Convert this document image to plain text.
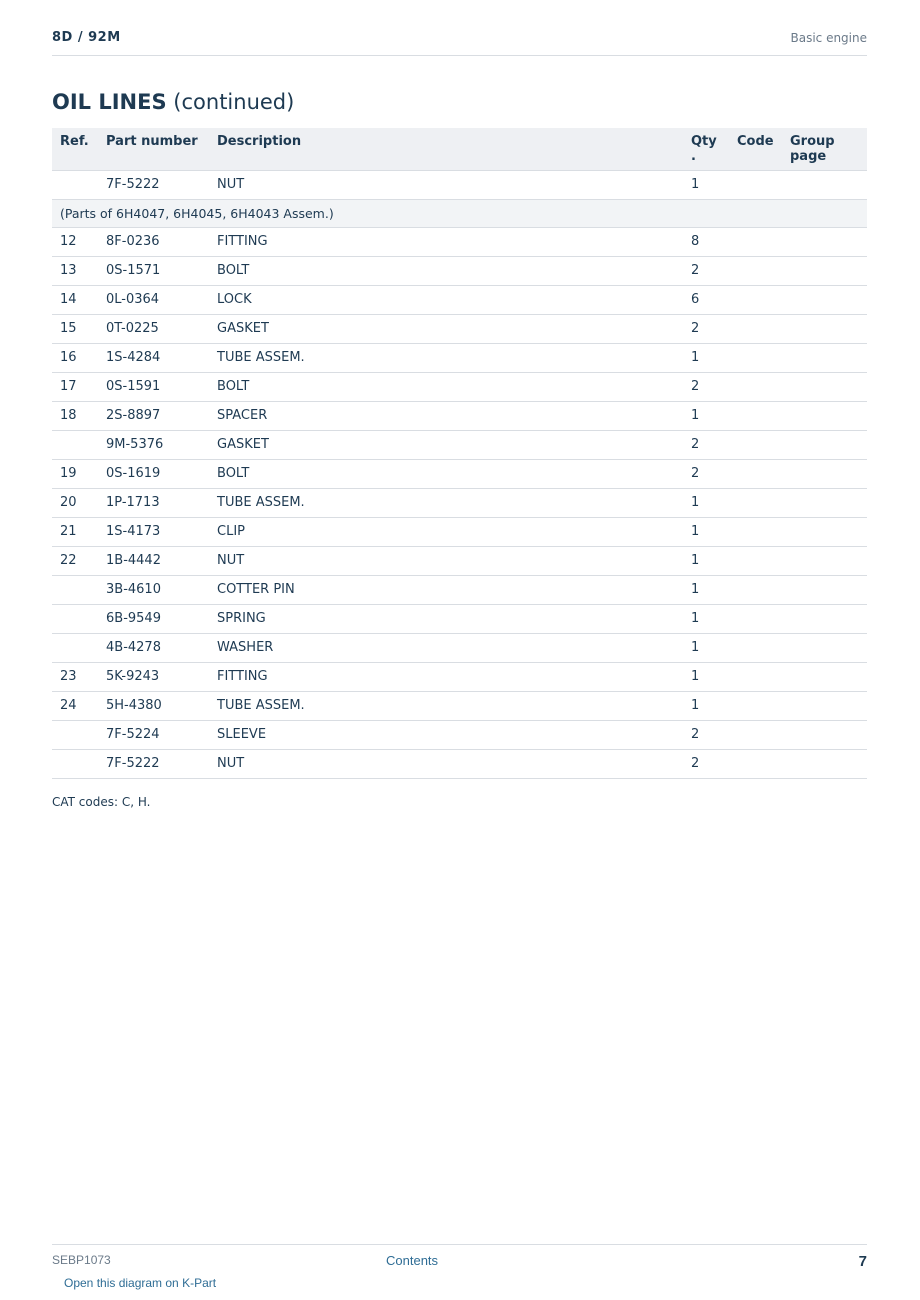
8D / 92M	Basic engine
OIL LINES (continued)
Ref.	Part number	Description	Qty .	Code	Group page
	7F-5222	NUT	1		
(Parts of 6H4047, 6H4045, 6H4043 Assem.)					
12	8F-0236	FITTING	8		
13	0S-1571	BOLT	2		
14	0L-0364	LOCK	6		
15	0T-0225	GASKET	2		
16	1S-4284	TUBE ASSEM.	1		
17	0S-1591	BOLT	2		
18	2S-8897	SPACER	1		
	9M-5376	GASKET	2		
19	0S-1619	BOLT	2		
20	1P-1713	TUBE ASSEM.	1		
21	1S-4173	CLIP	1		
22	1B-4442	NUT	1		
	3B-4610	COTTER PIN	1		
	6B-9549	SPRING	1		
	4B-4278	WASHER	1		
23	5K-9243	FITTING	1		
24	5H-4380	TUBE ASSEM.	1		
	7F-5224	SLEEVE	2		
	7F-5222	NUT	2		
CAT codes: C, H.
SEBP1073	Contents	7
Open this diagram on K-Part
